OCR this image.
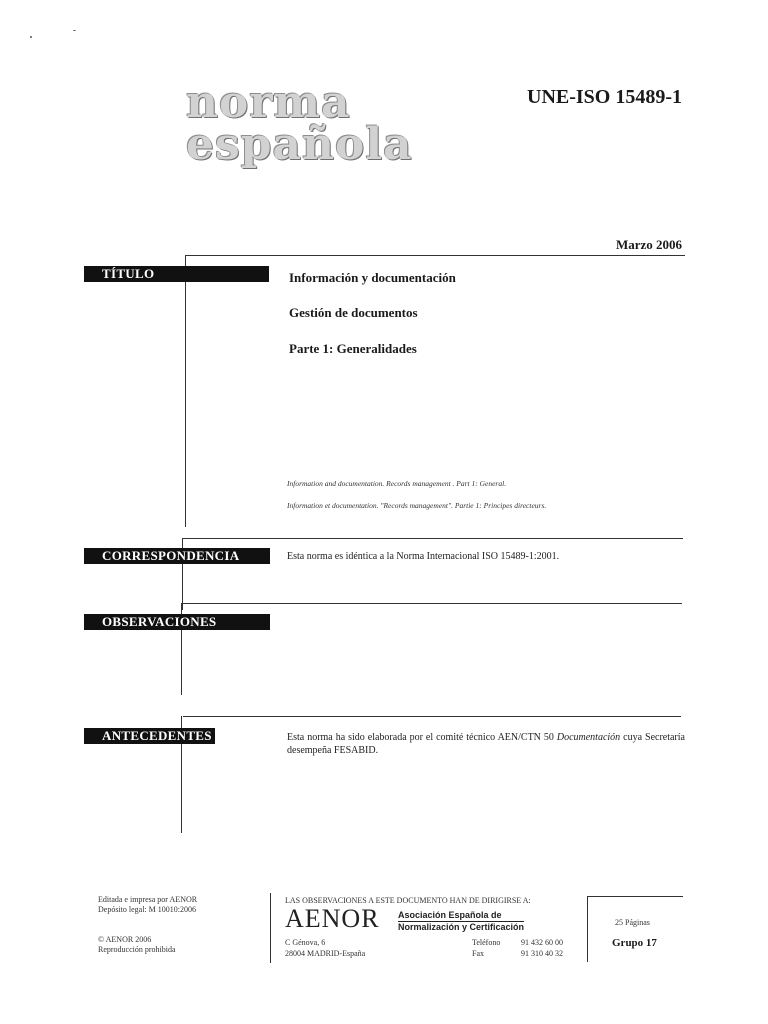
norma
española
UNE-ISO 15489-1
Marzo 2006
TÍTULO	Información y documentación
Gestión de documentos
Parte 1: Generalidades
Information and documentation. Records management . Part 1: General.
Information et documentation. "Records management". Partie 1: Principes directeurs.
CORRESPONDENCIA	Esta norma es idéntica a la Norma Internacional ISO 15489-1:2001.
OBSERVACIONES
ANTECEDENTES	Esta norma ha sido elaborada por el comité técnico AEN/CTN 50 Documentación cuya Secretaría desempeña FESABID.
Editada e impresa por AENOR
Depósito legal: M 10010:2006
© AENOR 2006
Reproducción prohibida
LAS OBSERVACIONES A ESTE DOCUMENTO HAN DE DIRIGIRSE A:
AENOR Asociación Española de
Normalización y Certificación
C Génova, 6
28004 MADRID-España
Teléfono	91 432 60 00
Fax	91 310 40 32
25 Páginas
Grupo 17
